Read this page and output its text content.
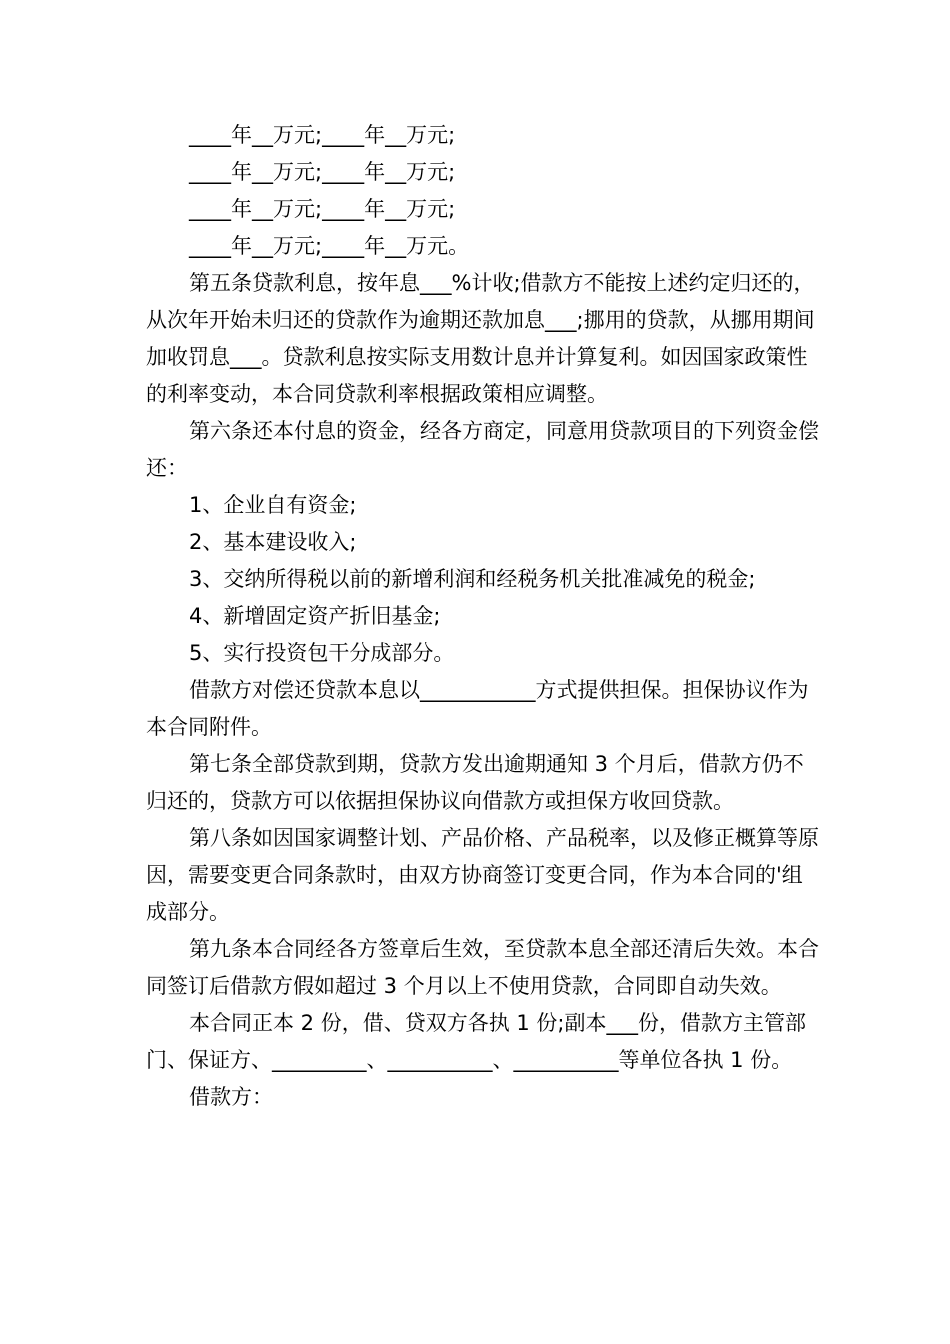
____年__万元;____年__万元;

____年__万元;____年__万元;

____年__万元;____年__万元;

____年__万元;____年__万元。

第五条贷款利息，按年息___%计收;借款方不能按上述约定归还的，从次年开始未归还的贷款作为逾期还款加息___;挪用的贷款，从挪用期间加收罚息___。贷款利息按实际支用数计息并计算复利。如因国家政策性的利率变动，本合同贷款利率根据政策相应调整。

第六条还本付息的资金，经各方商定，同意用贷款项目的下列资金偿还：

1、企业自有资金;

2、基本建设收入;

3、交纳所得税以前的新增利润和经税务机关批准减免的税金;

4、新增固定资产折旧基金;

5、实行投资包干分成部分。

借款方对偿还贷款本息以___________方式提供担保。担保协议作为本合同附件。

第七条全部贷款到期，贷款方发出逾期通知 3 个月后，借款方仍不归还的，贷款方可以依据担保协议向借款方或担保方收回贷款。

第八条如因国家调整计划、产品价格、产品税率，以及修正概算等原因，需要变更合同条款时，由双方协商签订变更合同，作为本合同的'组成部分。

第九条本合同经各方签章后生效，至贷款本息全部还清后失效。本合同签订后借款方假如超过 3 个月以上不使用贷款，合同即自动失效。

本合同正本 2 份，借、贷双方各执 1 份;副本___份，借款方主管部门、保证方、_________、__________、__________等单位各执 1 份。

借款方：
